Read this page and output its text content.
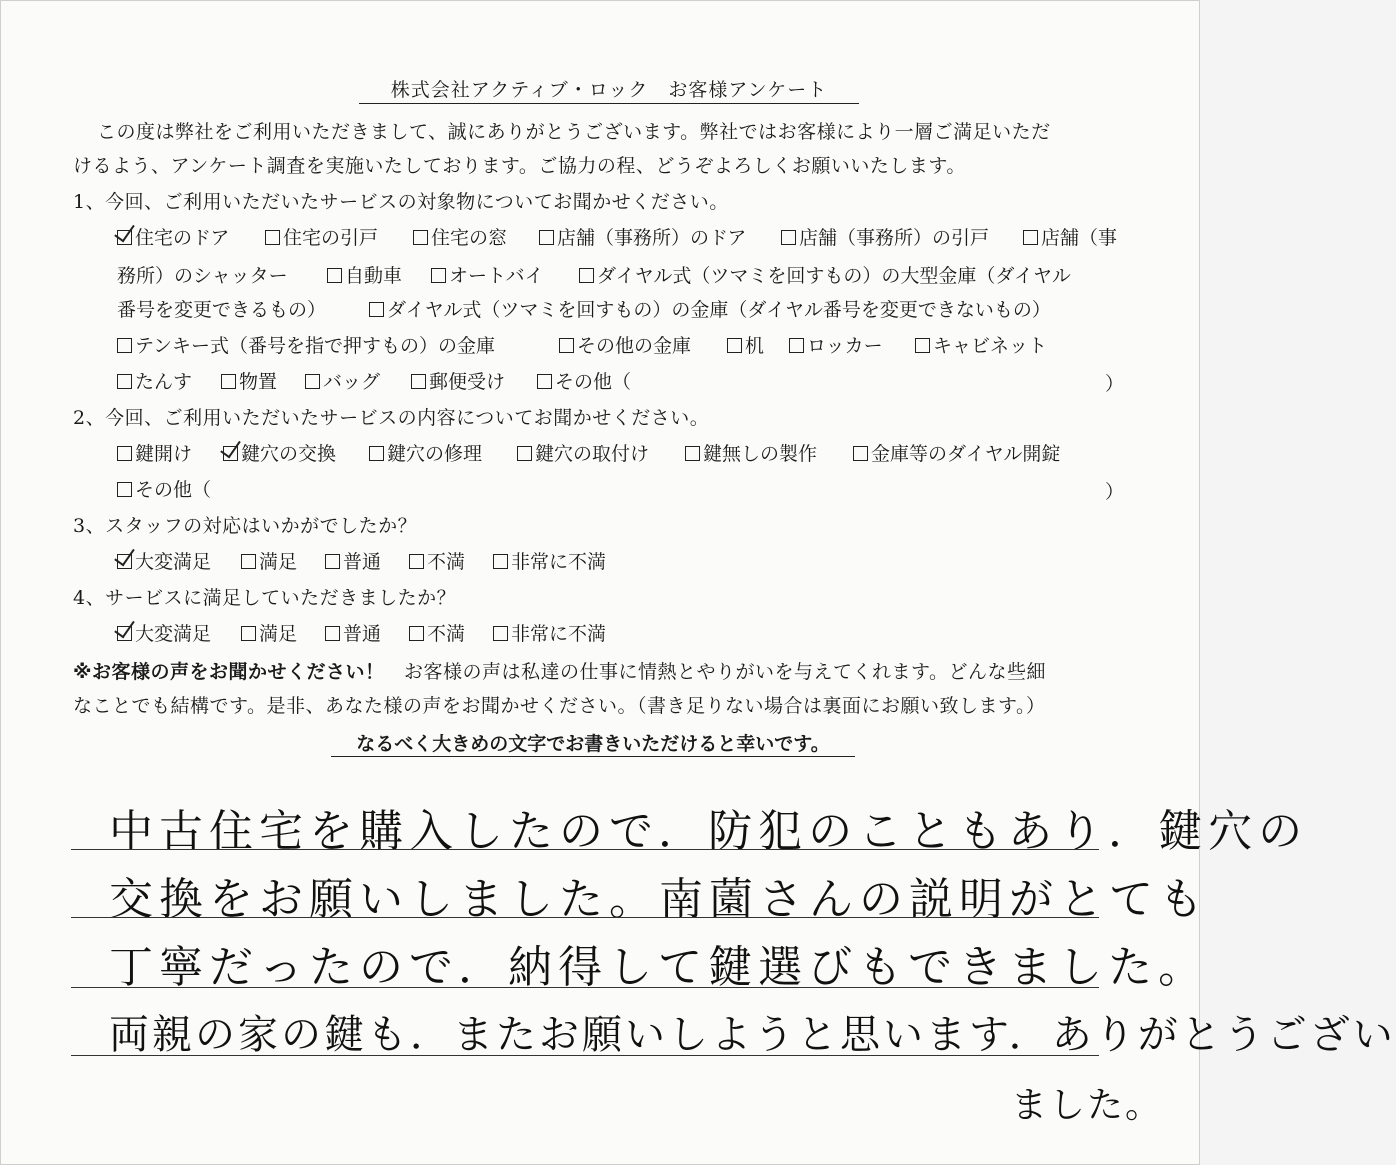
株式会社アクティブ・ロック　お客様アンケート
この度は弊社をご利用いただきまして、誠にありがとうございます。弊社ではお客様により一層ご満足いただ
けるよう、アンケート調査を実施いたしております。ご協力の程、どうぞよろしくお願いいたします。
1、今回、ご利用いただいたサービスの対象物についてお聞かせください。
住宅のドア	住宅の引戸	住宅の窓	店舗（事務所）のドア	店舗（事務所）の引戸	店舗（事
務所）のシャッター	自動車	オートバイ	ダイヤル式（ツマミを回すもの）の大型金庫（ダイヤル
番号を変更できるもの）	ダイヤル式（ツマミを回すもの）の金庫（ダイヤル番号を変更できないもの）
テンキー式（番号を指で押すもの）の金庫	その他の金庫	机	ロッカー	キャビネット
たんす	物置	バッグ	郵便受け	その他（	）
2、今回、ご利用いただいたサービスの内容についてお聞かせください。
鍵開け	鍵穴の交換	鍵穴の修理	鍵穴の取付け	鍵無しの製作	金庫等のダイヤル開錠
その他（	）
3、スタッフの対応はいかがでしたか？
大変満足	満足	普通	不満	非常に不満
4、サービスに満足していただきましたか？
大変満足	満足	普通	不満	非常に不満
※お客様の声をお聞かせください！　 お客様の声は私達の仕事に情熱とやりがいを与えてくれます。どんな些細
なことでも結構です。是非、あなた様の声をお聞かせください。（書き足りない場合は裏面にお願い致します。）
なるべく大きめの文字でお書きいただけると幸いです。
中古住宅を購入したので．防犯のこともあり．鍵穴の
交換をお願いしました。南薗さんの説明がとても
丁寧だったので．納得して鍵選びもできました。
両親の家の鍵も．またお願いしようと思います．ありがとうござい
ました。
